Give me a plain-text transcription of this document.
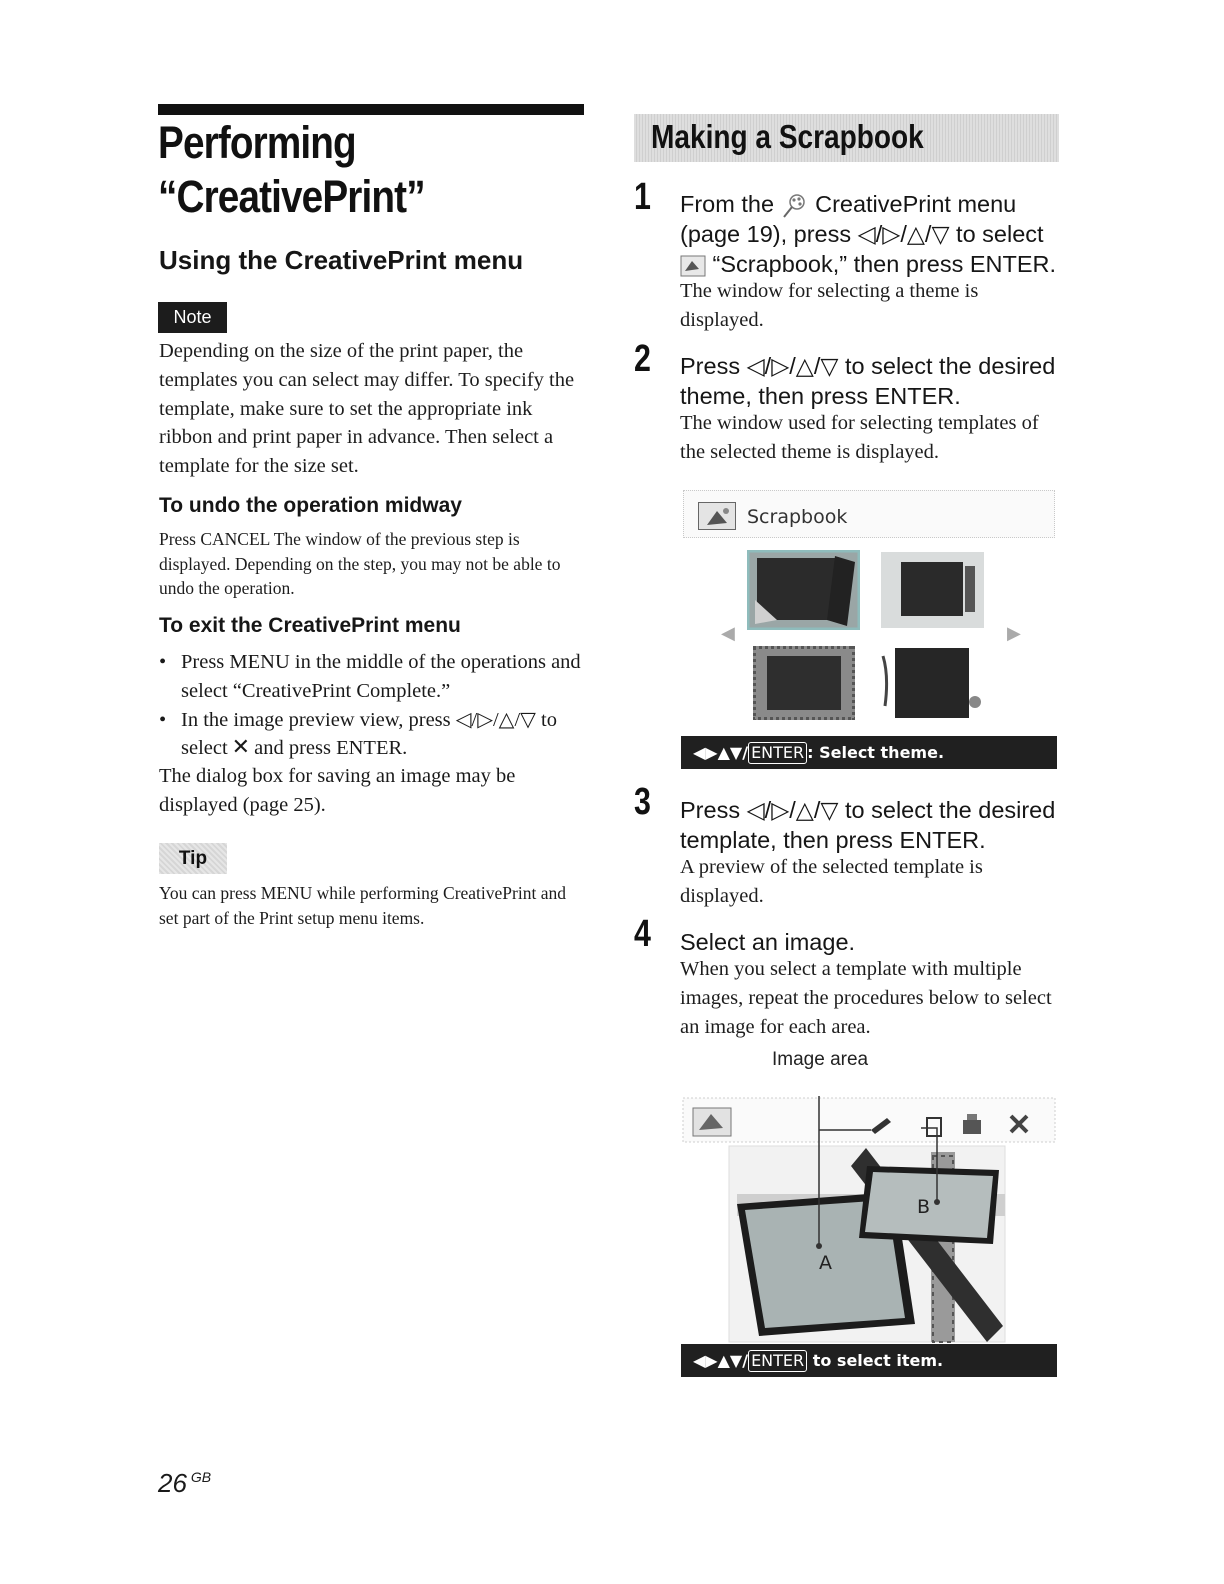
Performing
“CreativePrint”
Using the CreativePrint menu
Note

Depending on the size of the print paper, the templates you can select may differ. To specify the template, make sure to set the appropriate ink ribbon and print paper in advance. Then select a template for the size set.

To undo the operation midway

Press CANCEL The window of the previous step is displayed. Depending on the step, you may not be able to undo the operation.

To exit the CreativePrint menu
• Press MENU in the middle of the operations and select “CreativePrint Complete.”
• In the image preview view, press ◁/▷/△/▽ to select ✕ and press ENTER.

The dialog box for saving an image may be displayed (page 25).

Tip

You can press MENU while performing CreativePrint and set part of the Print setup menu items.

26 $^{GB}$
Making a Scrapbook
1 From the CreativePrint menu (page 19), press ◁/▷/△/▽ to select  “Scrapbook,” then press ENTER.

The window for selecting a theme is displayed.

2 Press ◁/▷/△/▽ to select the desired theme, then press ENTER.

The window used for selecting templates of the selected theme is displayed.

Scrapbook
◀	▶
◀▶▲▼/ ENTER : Select theme.
3 Press ◁/▷/△/▽ to select the desired template, then press ENTER.

A preview of the selected template is displayed.

4 Select an image.

When you select a template with multiple images, repeat the procedures below to select an image for each area.

Image area
A
B
◀▶▲▼/ ENTER to select item.
